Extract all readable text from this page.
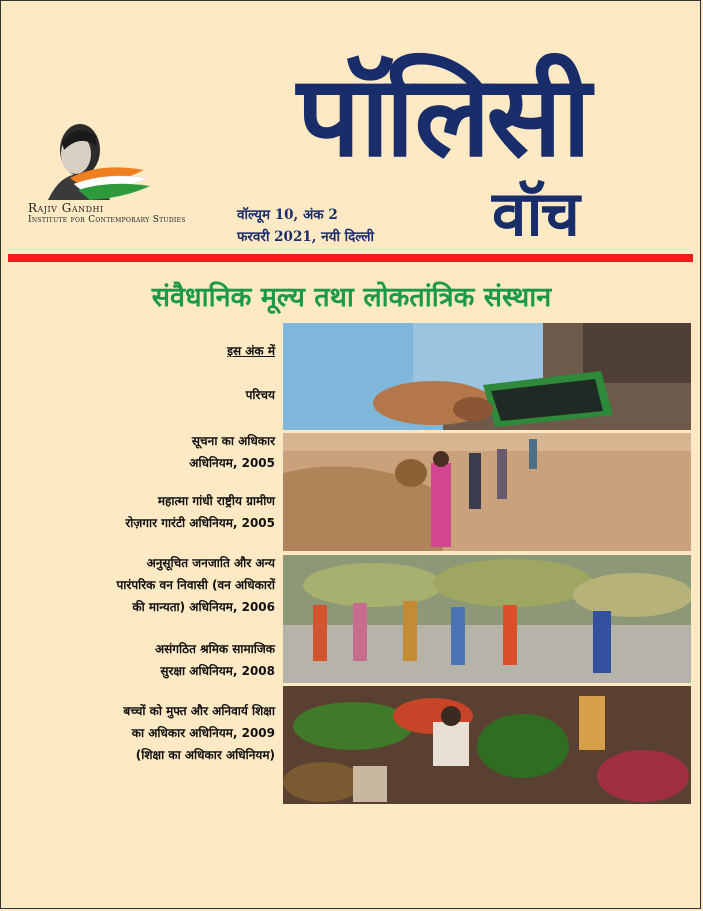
Rajiv Gandhi
Institute for Contemporary Studies
पॉलिसी
वॉच
वॉल्यूम 10, अंक 2
फरवरी 2021, नयी दिल्ली
संवैधानिक मूल्य तथा लोकतांत्रिक संस्थान
इस अंक में
परिचय
सूचना का अधिकार
अधिनियम, 2005
महात्मा गांधी राष्ट्रीय ग्रामीण
रोज़गार गारंटी अधिनियम, 2005
अनुसूचित जनजाति और अन्य
पारंपरिक वन निवासी (वन अधिकारों
की मान्यता) अधिनियम, 2006
असंगठित श्रमिक सामाजिक
सुरक्षा अधिनियम, 2008
बच्चों को मुफ्त और अनिवार्य शिक्षा
का अधिकार अधिनियम, 2009
(शिक्षा का अधिकार अधिनियम)
